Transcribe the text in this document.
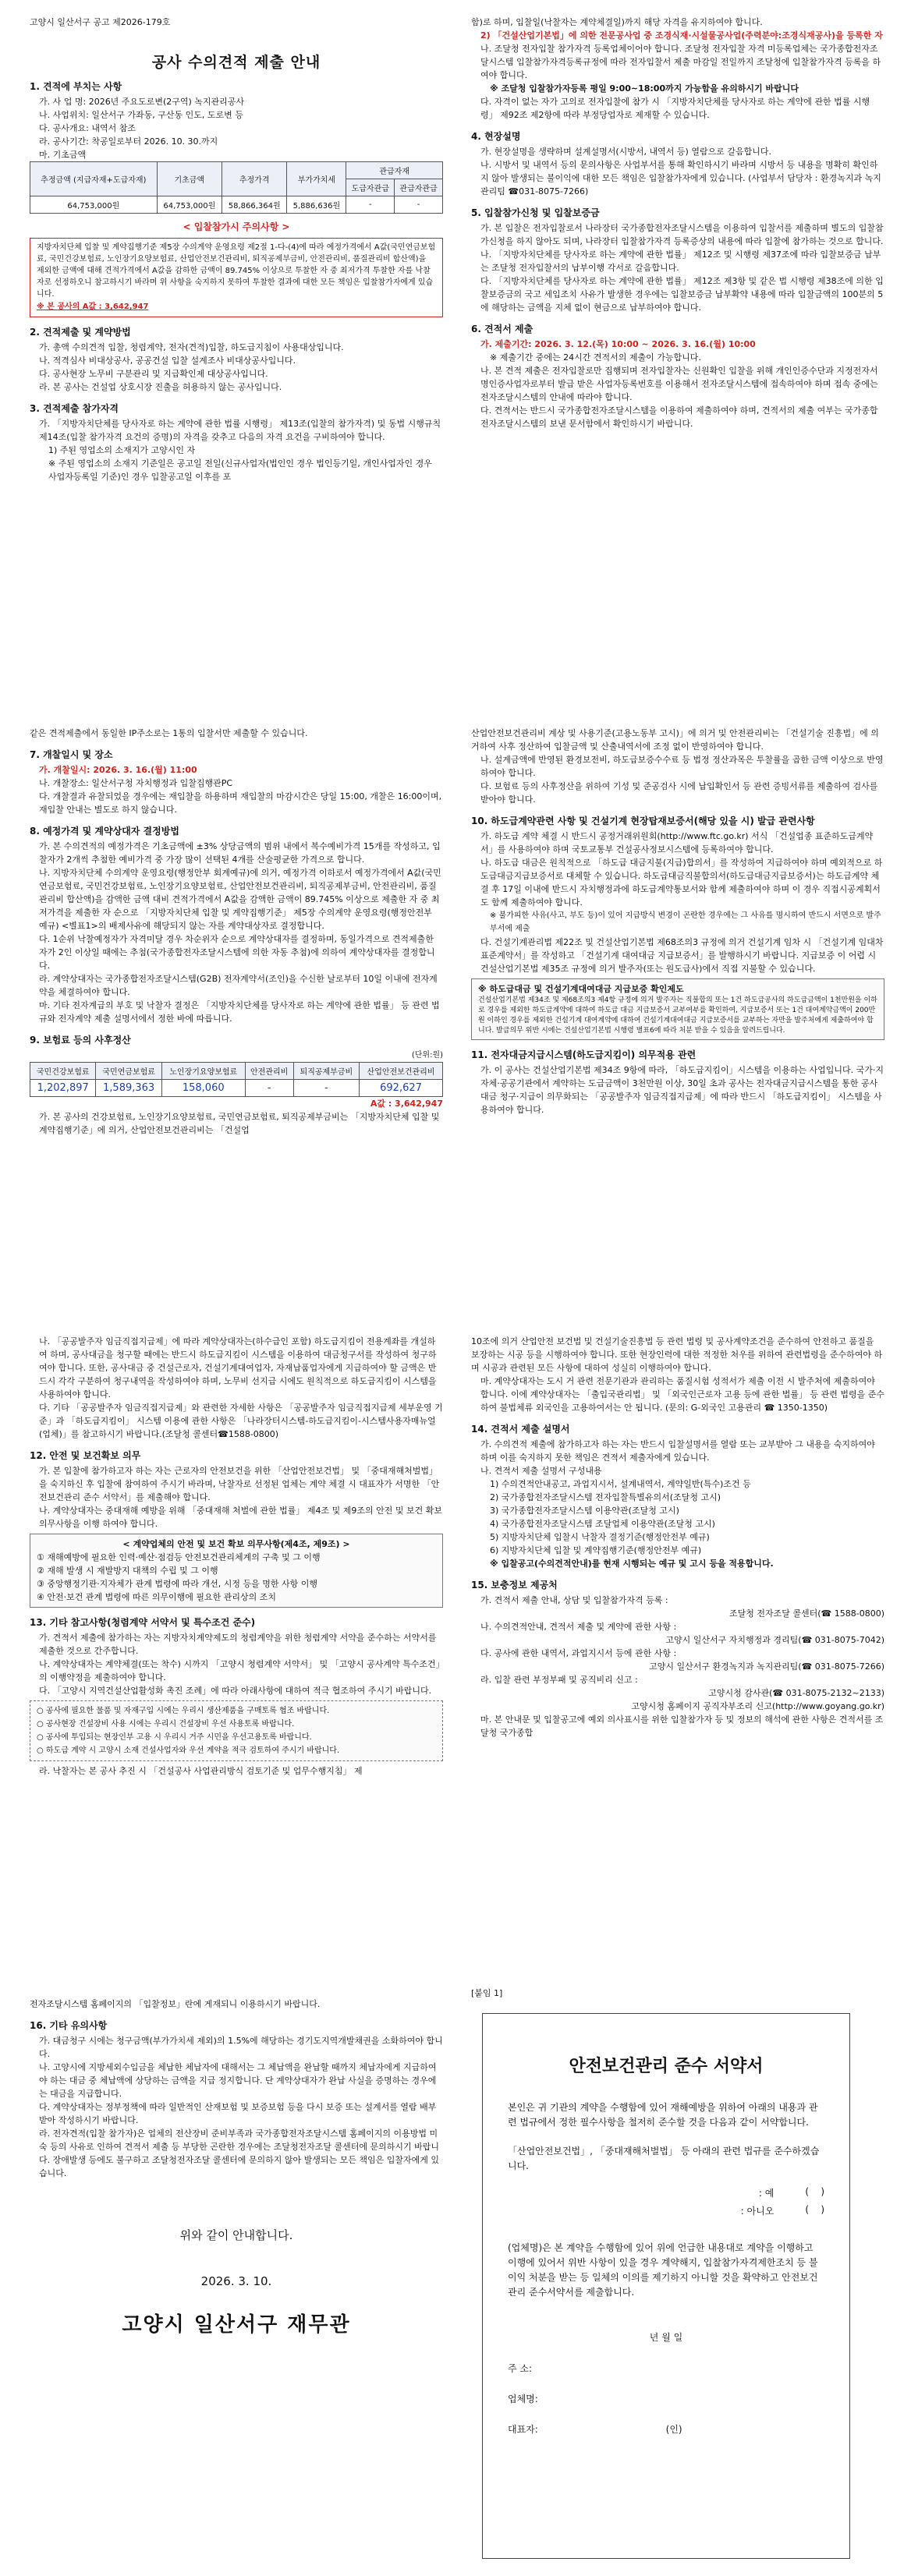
고양시 일산서구 공고 제2026-179호

공사 수의견적 제출 안내

1. 견적에 부치는 사항

가. 사 업 명: 2026년 주요도로변(2구역) 녹지관리공사

나. 사업위치: 일산서구 가좌동, 구산동 인도, 도로변 등

다. 공사개요: 내역서 참조

라. 공사기간: 착공일로부터 2026. 10. 30.까지

마. 기초금액

추정금액 (지급자재+도급자재)	기초금액	추정가격	부가가치세	관급자재	
				도급자관급	관급자관급
64,753,000원	64,753,000원	58,866,364원	5,886,636원	-	-

< 입찰참가시 주의사항 >

지방자치단체 입찰 및 계약집행기준 제5장 수의계약 운영요령 제2절 1-다-(4)에 따라 예정가격에서 A값(국민연금보험료, 국민건강보험료, 노인장기요양보험료, 산업안전보건관리비, 퇴직공제부금비, 안전관리비, 품질관리비 합산액)을 제외한 금액에 대해 견적가격에서 A값을 감하한 금액이 89.745% 이상으로 투찰한 자 중 최저가격 투찰한 자를 낙찰자로 선정하오니 참고하시기 바라며 위 사항을 숙지하지 못하여 투찰한 결과에 대한 모든 책임은 입찰참가자에게 있습니다.

※ 본 공사의 A값 : 3,642,947

2. 견적제출 및 계약방법

가. 총액 수의견적 입찰, 청렴계약, 전자(견적)입찰, 하도급지침이 사용대상입니다.

나. 적격심사 비대상공사, 공공건설 입찰 설계조사 비대상공사입니다.

다. 공사현장 노무비 구분관리 및 지급확인제 대상공사입니다.

라. 본 공사는 건설업 상호시장 진출을 허용하지 않는 공사입니다.

3. 견적제출 참가자격

가. 「지방자치단체를 당사자로 하는 계약에 관한 법률 시행령」 제13조(입찰의 참가자격) 및 동법 시행규칙 제14조(입찰 참가자격 요건의 증명)의 자격을 갖추고 다음의 자격 요건을 구비하여야 합니다.

1) 주된 영업소의 소재지가 고양시인 자

※ 주된 영업소의 소재지 기준일은 공고일 전일(신규사업자(법인인 경우 법인등기일, 개인사업자인 경우 사업자등록일 기준)인 경우 입찰공고일 이후를 포

함)로 하며, 입찰일(낙찰자는 계약체결일)까지 해당 자격을 유지하여야 합니다.

2) 「건설산업기본법」에 의한 전문공사업 중 조경식재·시설물공사업(주력분야:조경식재공사)을 등록한 자

나. 조달청 전자입찰 참가자격 등록업체이어야 합니다. 조달청 전자입찰 자격 미등록업체는 국가종합전자조달시스템 입찰참가자격등록규정에 따라 전자입찰서 제출 마감일 전일까지 조달청에 입찰참가자격 등록을 하여야 합니다.

※ 조달청 입찰참가자등록 평일 9:00~18:00까지 가능함을 유의하시기 바랍니다

다. 자격이 없는 자가 고의로 전자입찰에 참가 시 「지방자치단체를 당사자로 하는 계약에 관한 법률 시행령」 제92조 제2항에 따라 부정당업자로 제재할 수 있습니다.

4. 현장설명

가. 현장설명을 생략하며 설계설명서(시방서, 내역서 등) 열람으로 갈음합니다.

나. 시방서 및 내역서 등의 문의사항은 사업부서를 통해 확인하시기 바라며 시방서 등 내용을 명확히 확인하지 않아 발생되는 불이익에 대한 모든 책임은 입찰참가자에게 있습니다. (사업부서 담당자 : 환경녹지과 녹지관리팀 ☎031-8075-7266)

5. 입찰참가신청 및 입찰보증금

가. 본 입찰은 전자입찰로서 나라장터 국가종합전자조달시스템을 이용하여 입찰서를 제출하며 별도의 입찰참가신청을 하지 않아도 되며, 나라장터 입찰참가자격 등록증상의 내용에 따라 입찰에 참가하는 것으로 합니다.

나. 「지방자치단체를 당사자로 하는 계약에 관한 법률」 제12조 및 시행령 제37조에 따라 입찰보증금 납부는 조달청 전자입찰서의 납부이행 각서로 갈음합니다.

다. 「지방자치단체를 당사자로 하는 계약에 관한 법률」 제12조 제3항 및 같은 법 시행령 제38조에 의한 입찰보증금의 국고 세입조치 사유가 발생한 경우에는 입찰보증금 납부확약 내용에 따라 입찰금액의 100분의 5에 해당하는 금액을 지체 없이 현금으로 납부하여야 합니다.

6. 견적서 제출

가. 제출기간: 2026. 3. 12.(목) 10:00 ~ 2026. 3. 16.(월) 10:00

※ 제출기간 중에는 24시간 견적서의 제출이 가능합니다.

나. 본 견적 제출은 전자입찰로만 집행되며 전자입찰자는 신원확인 입찰을 위해 개인인증수단과 지정전자서명인증사업자로부터 발급 받은 사업자등록번호를 이용해서 전자조달시스템에 접속하여야 하며 접속 중에는 전자조달시스템의 안내에 따라야 합니다.

다. 견적서는 반드시 국가종합전자조달시스템을 이용하여 제출하여야 하며, 견적서의 제출 여부는 국가종합전자조달시스템의 보낸 문서함에서 확인하시기 바랍니다.

같은 견적제출에서 동일한 IP주소로는 1통의 입찰서만 제출할 수 있습니다.

7. 개찰일시 및 장소

가. 개찰일시: 2026. 3. 16.(월) 11:00

나. 개찰장소: 일산서구청 자치행정과 입찰집행관PC

다. 개찰결과 유찰되었을 경우에는 재입찰을 하용하며 재입찰의 마감시간은 당일 15:00, 개찰은 16:00이며, 재입찰 안내는 별도로 하지 않습니다.

8. 예정가격 및 계약상대자 결정방법

가. 본 수의견적의 예정가격은 기초금액에 ±3% 상당금액의 범위 내에서 복수예비가격 15개를 작성하고, 입찰자가 2개씩 추첨한 예비가격 중 가장 많이 선택된 4개를 산술평균한 가격으로 합니다.

나. 지방자치단체 수의계약 운영요령(행정안부 회계예규)에 의거, 예정가격 이하로서 예정가격에서 A값(국민연금보험료, 국민건강보험료, 노인장기요양보험료, 산업안전보건관리비, 퇴직공제부금비, 안전관리비, 품질관리비 합산액)을 감액한 금액 대비 견적가격에서 A값을 감액한 금액이 89.745% 이상으로 제출한 자 중 최저가격을 제출한 자 순으로 「지방자치단체 입찰 및 계약집행기준」 제5장 수의계약 운영요령(행정안전부 예규) <별표1>의 배제사유에 해당되지 않는 자를 계약대상자로 결정합니다.

다. 1순위 낙찰예정자가 자격미달 경우 차순위자 순으로 계약상대자를 결정하며, 동일가격으로 견적제출한 자가 2인 이상일 때에는 추첨(국가종합전자조달시스템에 의한 자동 추첨)에 의하여 계약상대자를 결정합니다.

라. 계약상대자는 국가종합전자조달시스템(G2B) 전자계약서(조인)을 수신한 날로부터 10일 이내에 전자계약을 체결하여야 합니다.

마. 기타 전자계급의 부호 및 낙찰자 결정은 「지방자치단체를 당사자로 하는 계약에 관한 법률」 등 관련 법규와 전자계약 제출 설명서에서 정한 바에 따릅니다.

9. 보험료 등의 사후정산

(단위:원)

국민건강보험료	국민연금보험료	노인장기요양보험료	안전관리비	퇴직공제부금비	산업안전보건관리비
1,202,897	1,589,363	158,060	-	-	692,627

A값 : 3,642,947

가. 본 공사의 건강보험료, 노인장기요양보험료, 국민연금보험료, 퇴직공제부금비는 「지방자치단체 입찰 및 계약집행기준」에 의거, 산업안전보건관리비는 「건설업

산업안전보건관리비 계상 및 사용기준(고용노동부 고시)」에 의거 및 안전관리비는 「건설기술 진흥법」에 의거하여 사후 정산하여 입찰금액 및 산출내역서에 조정 없이 반영하여야 합니다.

나. 설계금액에 반영된 환경보전비, 하도급보증수수료 등 법정 정산과목은 투찰률을 곱한 금액 이상으로 반영하여야 합니다.

다. 보험료 등의 사후정산을 위하여 기성 및 준공검사 시에 납입확인서 등 관련 증빙서류를 제출하여 검사를 받아야 합니다.

10. 하도급계약관련 사항 및 건설기계 현장탑재보증서(해당 있을 시) 발급 관련사항

가. 하도급 계약 체결 시 반드시 공정거래위원회(http://www.ftc.go.kr) 서식 「건설업종 표준하도급계약서」를 사용하여야 하며 국토교통부 건설공사정보시스템에 등록하여야 합니다.

나. 하도급 대금은 원칙적으로 「하도급 대금지불(지급)합의서」를 작성하여 지급하여야 하며 예외적으로 하도급대금지급보증서로 대체할 수 있습니다. 하도급대금직불합의서(하도급대금지급보증서)는 하도급계약 체결 후 17일 이내에 반드시 자치행정과에 하도급계약통보서와 함께 제출하여야 하며 이 경우 직접시공계획서도 함께 제출하여야 합니다.

※ 불가피한 사유(사고, 부도 등)이 있어 지급방식 변경이 곤란한 경우에는 그 사유를 명시하여 반드시 서면으로 발주부서에 제출

다. 건설기계관리법 제22조 및 건설산업기본법 제68조의3 규정에 의거 건설기계 임차 시 「건설기계 임대차 표준계약서」를 작성하고 「건설기계 대여대금 지급보증서」를 발행하시기 바랍니다. 지급보증 이 어렵 시 건설산업기본법 제35조 규정에 의거 발주자(또는 원도급사)에서 직접 지불할 수 있습니다.

※ 하도급대금 및 건설기계대여대금 지급보증 확인제도

건설산업기본법 제34조 및 제68조의3 제4항 규정에 의거 발주자는 직불합의 또는 1건 하도급공사의 하도급금액이 1천만원을 이하로 경우를 제외한 하도급계약에 대하여 하도급 대금 지급보증서 교부여부를 확인하여, 지급보증서 또는 1건 대여계약금액이 200만원 이하인 경우를 제외한 건설기계 대여계약에 대하여 건설기계대여대금 지급보증서를 교부하는 자만을 발주처에게 제출하여야 합니다. 발급의무 위반 시에는 건설산업기본법 시행령 별표6에 따라 처분 받을 수 있음을 알려드립니다.

11. 전자대금지급시스템(하도급지킴이) 의무적용 관련

가. 이 공사는 건설산업기본법 제34조 9항에 따라, 「하도급지킴이」시스템을 이용하는 사업입니다. 국가·지자체·공공기관에서 계약하는 도급금액이 3천만원 이상, 30일 초과 공사는 전자대금지급시스템을 통한 공사대금 청구·지급이 의무화되는 「공공발주자 임금직접지급제」에 따라 반드시 「하도급지킴이」 시스템을 사용하여야 합니다.

나. 「공공발주자 임금직접지급제」에 따라 계약상대자는(하수급인 포함) 하도급지킴이 전용계좌를 개설하여 하며, 공사대금을 청구할 때에는 반드시 하도급지킴이 시스템을 이용하여 대금청구서를 작성하여 청구하여야 합니다. 또한, 공사대금 중 건설근로자, 건설기계대여업자, 자재납품업자에게 지급하여야 할 금액은 반드시 각각 구분하여 청구내역을 작성하여야 하며, 노무비 선지급 시에도 원칙적으로 하도급지킴이 시스템을 사용하여야 합니다.

다. 기타 「공공발주자 임금직접지급제」와 관련한 자세한 사항은 「공공발주자 임금직접지급제 세부운영 기준」과 「하도급지킴이」 시스템 이용에 관한 사항은 「나라장터시스템-하도급지킴이-시스템사용자매뉴얼(업체)」를 참고하시기 바랍니다.(조달청 콜센터☎1588-0800)

12. 안전 및 보건확보 의무

가. 본 입찰에 참가하고자 하는 자는 근로자의 안전보건을 위한 「산업안전보건법」 및 「중대재해처벌법」을 숙지하신 후 입찰에 참여하여 주시기 바라며, 낙찰자로 선정된 업체는 계약 체결 시 대표자가 서명한 「안전보건관리 준수 서약서」를 제출해야 합니다.

나. 계약상대자는 중대재해 예방을 위해 「중대재해 처벌에 관한 법률」 제4조 및 제9조의 안전 및 보건 확보 의무사항을 이행 하여야 합니다.

< 계약업체의 안전 및 보건 확보 의무사항(제4조, 제9조) >

① 재해예방에 필요한 인력·예산·점검등 안전보건관리체계의 구축 및 그 이행

② 재해 발생 시 재발방지 대책의 수립 및 그 이행

③ 중앙행정기관·지자체가 관계 법령에 따라 개선, 시정 등을 명한 사항 이행

④ 안전·보건 관계 법령에 따른 의무이행에 필요한 관리상의 조치

13. 기타 참고사항(청렴계약 서약서 및 특수조건 준수)

가. 견적서 제출에 참가하는 자는 지방자치계약제도의 청렴계약을 위한 청렴계약 서약을 준수하는 서약서를 제출한 것으로 간주합니다.

나. 계약상대자는 계약체결(또는 착수) 시까지 「고양시 청렴계약 서약서」 및 「고양시 공사계약 특수조건」의 이행약정을 제출하여야 합니다.

다. 「고양시 지역건설산업활성화 촉진 조례」에 따라 아래사항에 대하여 적극 협조하여 주시기 바랍니다.

○ 공사에 필요한 물품 및 자재구입 시에는 우리시 생산제품을 구매토록 협조 바랍니다.

○ 공사현장 건설장비 사용 시에는 우리시 건설장비 우선 사용토록 바랍니다.

○ 공사에 투입되는 현장인부 고용 시 우리시 거주 시민을 우선고용토록 바랍니다.

○ 하도급 계약 시 고양시 소재 건설사업자와 우선 계약을 적극 검토하여 주시기 바랍니다.

라. 낙찰자는 본 공사 추진 시 「건설공사 사업관리방식 검토기준 및 업무수행지침」 제

10조에 의거 산업안전 보건법 및 건설기술진흥법 등 관련 법령 및 공사계약조건을 준수하여 안전하고 품질을 보장하는 시공 등을 시행하여야 합니다. 또한 현장인력에 대한 적정한 처우를 위하여 관련법령을 준수하여야 하며 시공과 관련된 모든 사항에 대하여 성실히 이행하여야 합니다.

마. 계약상대자는 도시 거 관련 전문기관과 관리하는 품질시험 성적서가 제출 이전 시 발주처에 제출하여야 합니다. 이에 계약상대자는 「출입국관리법」 및 「외국인근로자 고용 등에 관한 법률」 등 관련 법령을 준수하여 불법체류 외국인을 고용하여서는 안 됩니다. (문의: G-외국인 고용관리 ☎ 1350-1350)

14. 견적서 제출 설명서

가. 수의견적 제출에 참가하고자 하는 자는 반드시 입찰설명서를 열람 또는 교부받아 그 내용을 숙지하여야 하며 이를 숙지하지 못한 책임은 견적서 제출자에게 있습니다.

나. 견적서 제출 설명서 구성내용

1) 수의견적안내공고, 과업지시서, 설계내역서, 계약일반(특수)조건 등

2) 국가종합전자조달시스템 전자입찰특별유의서(조달청 고시)

3) 국가종합전자조달시스템 이용약관(조달청 고시)

4) 국가종합전자조달시스템 조달업체 이용약관(조달청 고시)

5) 지방자치단체 입찰시 낙찰자 결정기준(행정안전부 예규)

6) 지방자치단체 입찰 및 계약집행기준(행정안전부 예규)

※ 입찰공고(수의견적안내)를 현재 시행되는 예규 및 고시 등을 적용합니다.

15. 보충정보 제공처

가. 견적서 제출 안내, 상담 및 입찰참가자격 등록 :

조달청 전자조달 콜센터(☎ 1588-0800)

나. 수의견적안내, 견적서 제출 및 계약에 관한 사항 :

고양시 일산서구 자치행정과 경리팀(☎ 031-8075-7042)

다. 공사에 관한 내역서, 과업지시서 등에 관한 사항 :

고양시 일산서구 환경녹지과 녹지관리팀(☎ 031-8075-7266)

라. 입찰 관련 부정부패 및 공직비리 신고 :

고양시청 감사관(☎ 031-8075-2132~2133)

고양시청 홈페이지 공직자부조리 신고(http://www.goyang.go.kr)

마. 본 안내문 및 입찰공고에 예외 의사표시를 위한 입찰참가자 등 및 정보의 해석에 관한 사항은 견적서를 조달청 국가종합

전자조달시스템 홈페이지의 「입찰정보」란에 게재되니 이용하시기 바랍니다.

16. 기타 유의사항

가. 대금청구 시에는 청구금액(부가가치세 제외)의 1.5%에 해당하는 경기도지역개발채권을 소화하여야 합니다.

나. 고양시에 지방세외수입금을 체납한 체납자에 대해서는 그 체납액을 완납할 때까지 체납자에게 지급하여야 하는 대금 중 체납액에 상당하는 금액을 지급 정지합니다. 단 계약상대자가 완납 사실을 증명하는 경우에는 대금을 지급합니다.

다. 계약상대자는 정부정책에 따라 일반적인 산재보험 및 보증보험 등을 다시 보증 또는 설계서를 열람 배부 받아 작성하시기 바랍니다.

라. 전자견적(입찰 참가자)은 업체의 전산장비 준비부족과 국가종합전자조달시스템 홈페이지의 이용방법 미숙 등의 사유로 인하여 견적서 제출 등 부당한 곤란한 경우에는 조달청전자조달 콜센터에 문의하시기 바랍니다. 장애발생 등에도 불구하고 조달청전자조달 콜센터에 문의하지 않아 발생되는 모든 책임은 입찰자에게 있습니다.

위와 같이 안내합니다.

2026. 3. 10.

고양시 일산서구 재무관

[붙임 1]
안전보건관리 준수 서약서

본인은 귀 기관의 계약을 수행함에 있어 재해예방을 위하여 아래의 내용과 관련 법규에서 정한 필수사항을 철저히 준수할 것을 다음과 같이 서약합니다.

「산업안전보건법」, 「중대재해처벌법」 등 아래의 관련 법규를 준수하겠습니다.

: 예	(    )
: 아니오	(    )

(업체명)은 본 계약을 수행함에 있어 위에 언급한 내용대로 계약을 이행하고 이행에 있어서 위반 사항이 있을 경우 계약해지, 입찰참가자격제한조치 등 불이익 처분을 받는 등 일체의 이의를 제기하지 아니할 것을 확약하고 안전보건관리 준수서약서를 제출합니다.

년 월 일

주 소:

업체명:

대표자:	(인)
